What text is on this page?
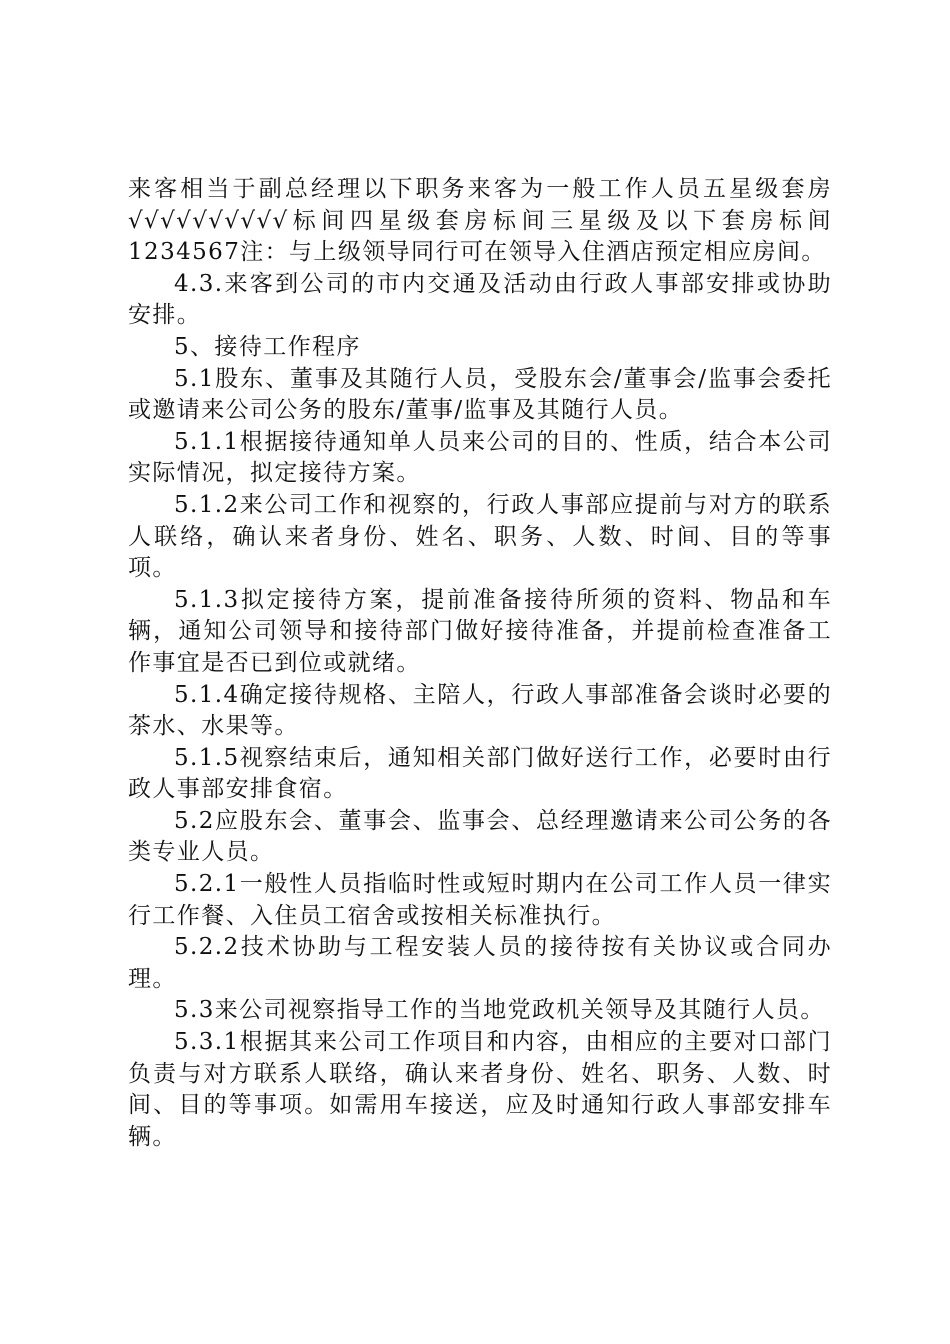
来客相当于副总经理以下职务来客为一般工作人员五星级套房√√√√√√√√√√标间四星级套房标间三星级及以下套房标间1234567注：与上级领导同行可在领导入住酒店预定相应房间。

4.3.来客到公司的市内交通及活动由行政人事部安排或协助安排。

5、接待工作程序

5.1股东、董事及其随行人员，受股东会/董事会/监事会委托或邀请来公司公务的股东/董事/监事及其随行人员。

5.1.1根据接待通知单人员来公司的目的、性质，结合本公司实际情况，拟定接待方案。

5.1.2来公司工作和视察的，行政人事部应提前与对方的联系人联络，确认来者身份、姓名、职务、人数、时间、目的等事项。

5.1.3拟定接待方案，提前准备接待所须的资料、物品和车辆，通知公司领导和接待部门做好接待准备，并提前检查准备工作事宜是否已到位或就绪。

5.1.4确定接待规格、主陪人，行政人事部准备会谈时必要的茶水、水果等。

5.1.5视察结束后，通知相关部门做好送行工作，必要时由行政人事部安排食宿。

5.2应股东会、董事会、监事会、总经理邀请来公司公务的各类专业人员。

5.2.1一般性人员指临时性或短时期内在公司工作人员一律实行工作餐、入住员工宿舍或按相关标准执行。

5.2.2技术协助与工程安装人员的接待按有关协议或合同办理。

5.3来公司视察指导工作的当地党政机关领导及其随行人员。

5.3.1根据其来公司工作项目和内容，由相应的主要对口部门负责与对方联系人联络，确认来者身份、姓名、职务、人数、时间、目的等事项。如需用车接送，应及时通知行政人事部安排车辆。
